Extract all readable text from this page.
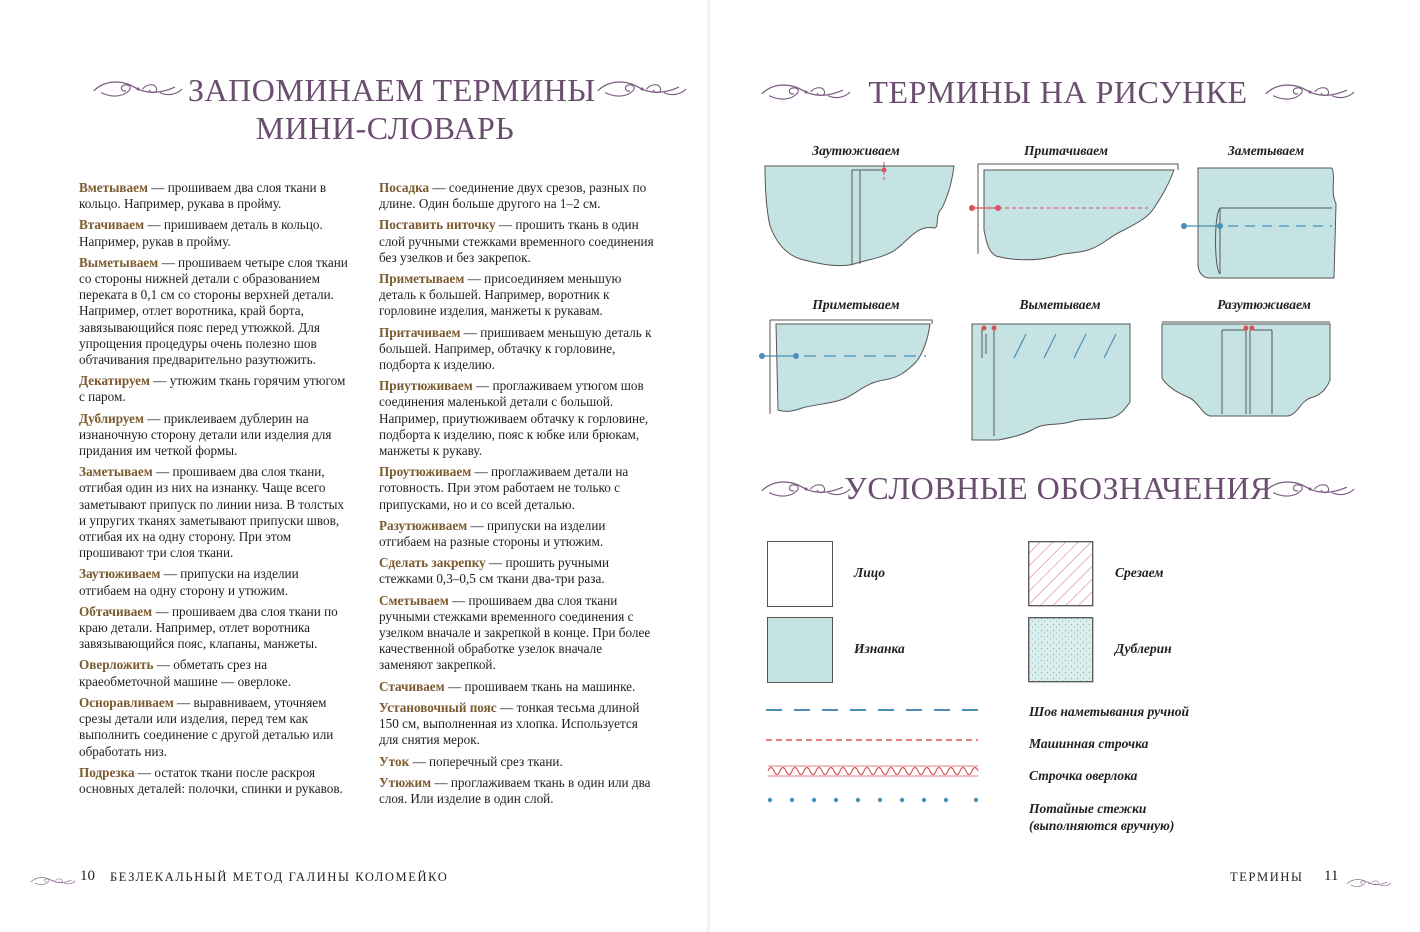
ЗАПОМИНАЕМ ТЕРМИНЫ
МИНИ-СЛОВАРЬ
Вметываем — прошиваем два слоя ткани в кольцо. Например, рукава в пройму.
Втачиваем — пришиваем деталь в кольцо. Например, рукав в пройму.
Выметываем — прошиваем четыре слоя ткани со стороны нижней детали с образованием переката в 0,1 см со стороны верхней детали. Например, отлет воротника, край борта, завязывающийся пояс перед утюжкой. Для упрощения процедуры очень полезно шов обтачивания предварительно разутюжить.
Декатируем — утюжим ткань горячим утюгом с паром.
Дублируем — приклеиваем дублерин на изнаночную сторону детали или изделия для придания им четкой формы.
Заметываем — прошиваем два слоя ткани, отгибая один из них на изнанку. Чаще всего заметывают припуск по линии низа. В толстых и упругих тканях заметывают припуски швов, отгибая их на одну сторону. При этом прошивают три слоя ткани.
Заутюживаем — припуски на изделии отгибаем на одну сторону и утюжим.
Обтачиваем — прошиваем два слоя ткани по краю детали. Например, отлет воротника завязывающийся пояс, клапаны, манжеты.
Оверложить — обметать срез на краеобметочной машине — оверлоке.
Осноравливаем — выравниваем, уточняем срезы детали или изделия, перед тем как выполнить соединение с другой деталью или обработать низ.
Подрезка — остаток ткани после раскроя основных деталей: полочки, спинки и рукавов.
Посадка — соединение двух срезов, разных по длине. Один больше другого на 1–2 см.
Поставить ниточку — прошить ткань в один слой ручными стежками временного соединения без узелков и без закрепок.
Приметываем — присоединяем меньшую деталь к большей. Например, воротник к горловине изделия, манжеты к рукавам.
Притачиваем — пришиваем меньшую деталь к большей. Например, обтачку к горловине, подборта к изделию.
Приутюживаем — проглаживаем утюгом шов соединения маленькой детали с большой. Например, приутюживаем обтачку к горловине, подборта к изделию, пояс к юбке или брюкам, манжеты к рукаву.
Проутюживаем — проглаживаем детали на готовность. При этом работаем не только с припусками, но и со всей деталью.
Разутюживаем — припуски на изделии отгибаем на разные стороны и утюжим.
Сделать закрепку — прошить ручными стежками 0,3–0,5 см ткани два-три раза.
Сметываем — прошиваем два слоя ткани ручными стежками временного соединения с узелком вначале и закрепкой в конце. При более качественной обработке узелок вначале заменяют закрепкой.
Стачиваем — прошиваем ткань на машинке.
Установочный пояс — тонкая тесьма длиной 150 см, выполненная из хлопка. Используется для снятия мерок.
Уток — поперечный срез ткани.
Утюжим — проглаживаем ткань в один или два слоя. Или изделие в один слой.
10 БЕЗЛЕКАЛЬНЫЙ МЕТОД ГАЛИНЫ КОЛОМЕЙКО
ТЕРМИНЫ НА РИСУНКЕ
Заутюживаем	Притачиваем	Заметываем
Приметываем	Выметываем	Разутюживаем
УСЛОВНЫЕ ОБОЗНАЧЕНИЯ
Лицо
Изнанка
Срезаем
Дублерин
Шов наметывания ручной
Машинная строчка
Строчка оверлока
Потайные стежки
(выполняются вручную)
ТЕРМИНЫ 11
